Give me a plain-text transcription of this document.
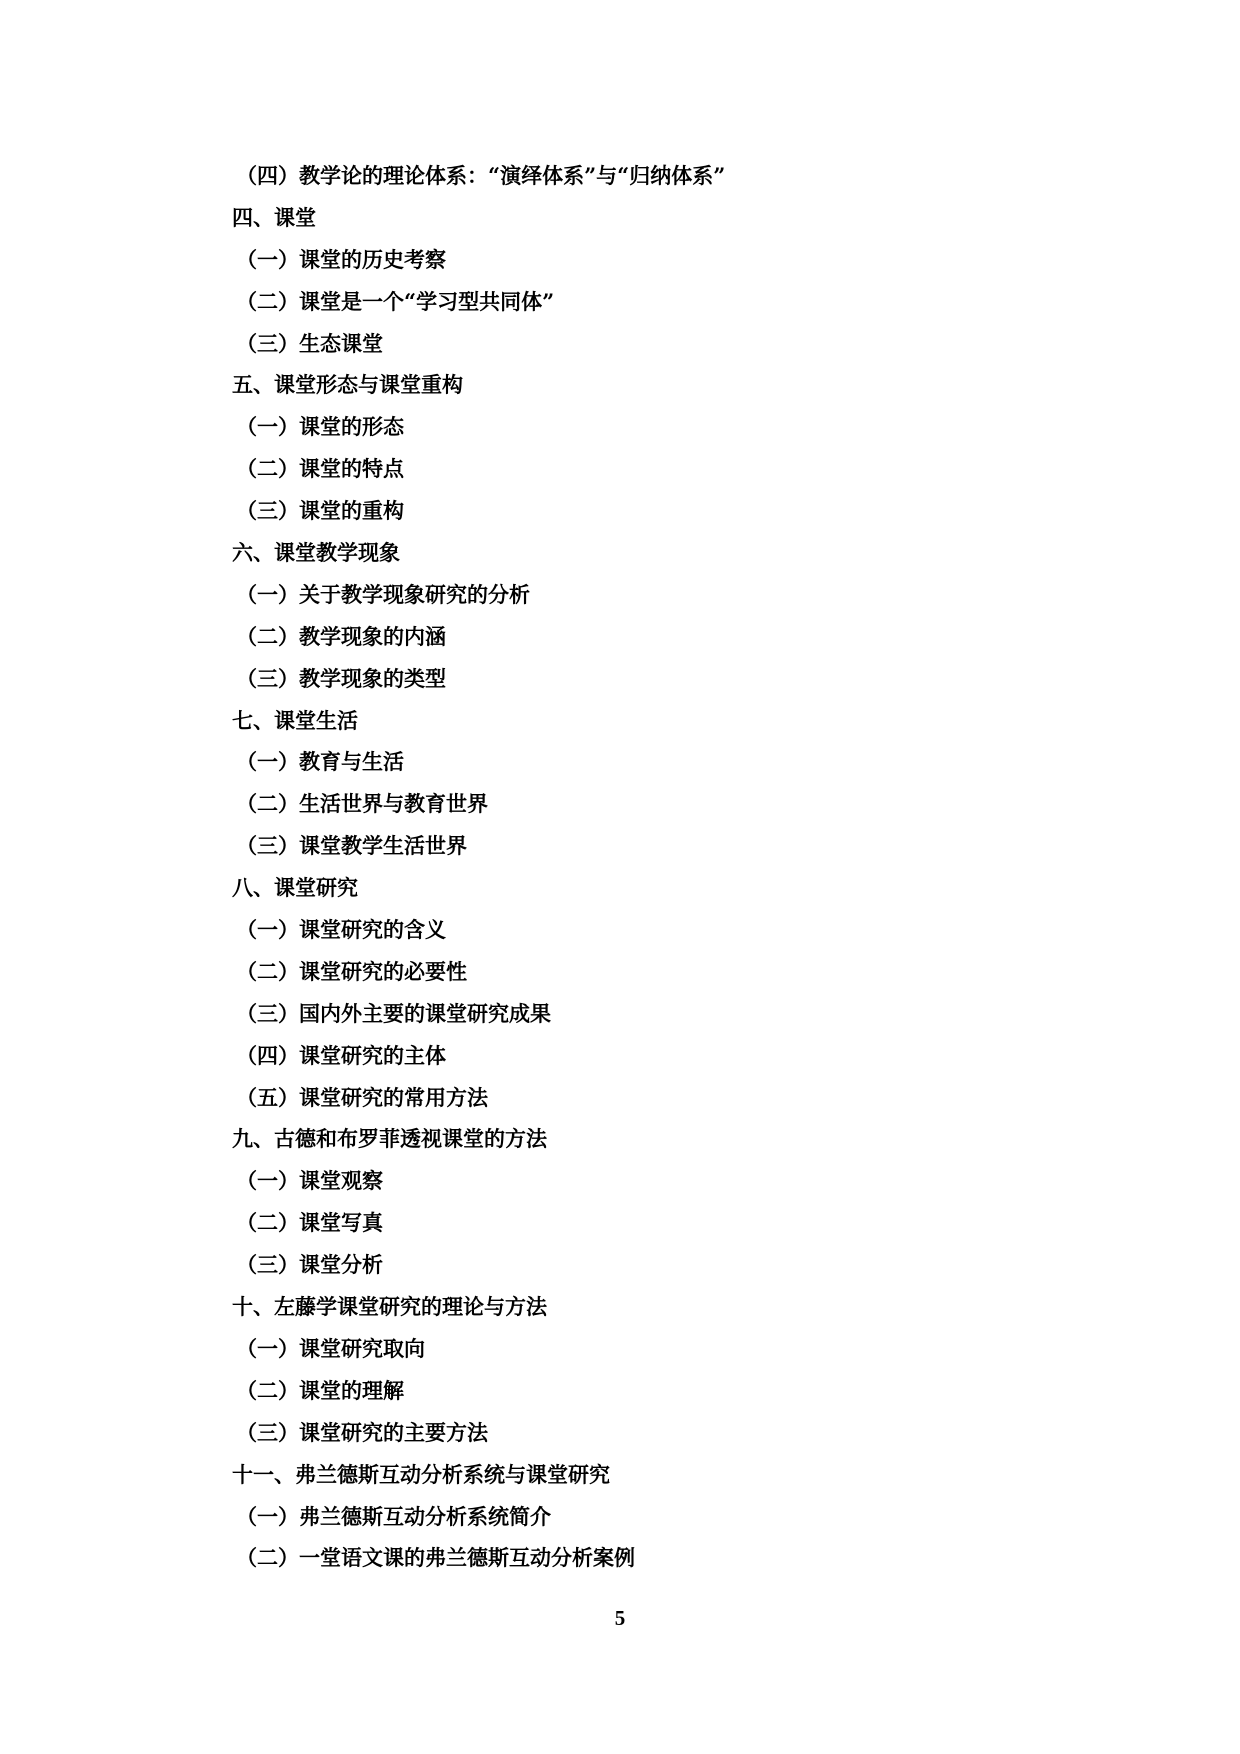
（四）教学论的理论体系：“演绎体系”与“归纳体系”
四、课堂
（一）课堂的历史考察
（二）课堂是一个“学习型共同体”
（三）生态课堂
五、课堂形态与课堂重构
（一）课堂的形态
（二）课堂的特点
（三）课堂的重构
六、课堂教学现象
（一）关于教学现象研究的分析
（二）教学现象的内涵
（三）教学现象的类型
七、课堂生活
（一）教育与生活
（二）生活世界与教育世界
（三）课堂教学生活世界
八、课堂研究
（一）课堂研究的含义
（二）课堂研究的必要性
（三）国内外主要的课堂研究成果
（四）课堂研究的主体
（五）课堂研究的常用方法
九、古德和布罗菲透视课堂的方法
（一）课堂观察
（二）课堂写真
（三）课堂分析
十、左藤学课堂研究的理论与方法
（一）课堂研究取向
（二）课堂的理解
（三）课堂研究的主要方法
十一、弗兰德斯互动分析系统与课堂研究
（一）弗兰德斯互动分析系统简介
（二）一堂语文课的弗兰德斯互动分析案例
5
